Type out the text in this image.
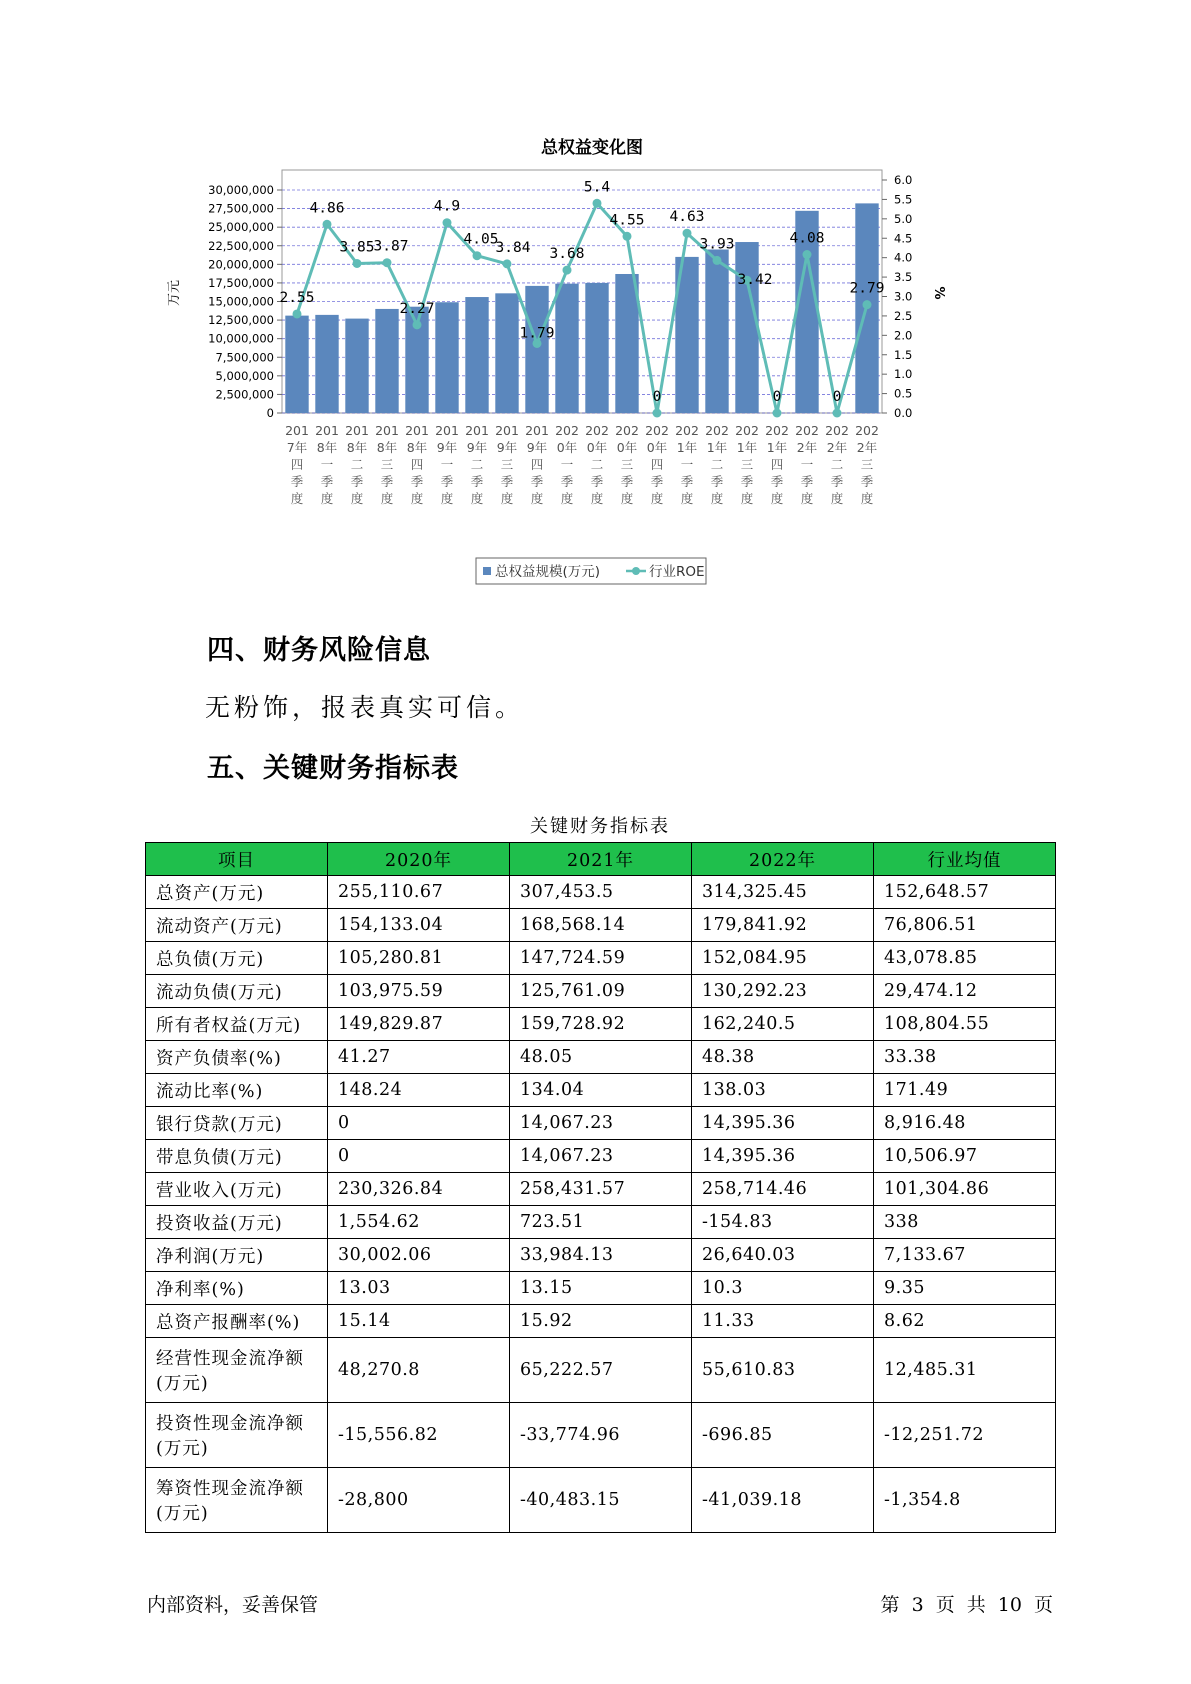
总权益变化图
30,000,000
27,500,000
25,000,000
22,500,000
20,000,000
17,500,000
15,000,000
12,500,000
10,000,000
7,500,000
5,000,000
2,500,000
0
6.0
5.5
5.0
4.5
4.0
3.5
3.0
2.5
2.0
1.5
1.0
0.5
0.0
万元	%
2.55
4.86
3.85 3.87
2.27
4.9
4.05
3.84
1.79
3.68
5.4
4.55
0
4.63
3.93
3.42
0
4.08
0
2.79
201
7年
四
季
度
201
8年
一
季
度
201
8年
二
季
度
201
8年
三
季
度
201
8年
四
季
度
201
9年
一
季
度
201
9年
二
季
度
201
9年
三
季
度
201
9年
四
季
度
202
0年
一
季
度
202
0年
二
季
度
202
0年
三
季
度
202
0年
四
季
度
202
1年
一
季
度
202
1年
二
季
度
202
1年
三
季
度
202
1年
四
季
度
202
2年
一
季
度
202
2年
二
季
度
202
2年
三
季
度
总权益规模(万元)	行业ROE
四、财务风险信息
无粉饰，报表真实可信。
五、关键财务指标表
关键财务指标表
项目	2020年	2021年	2022年	行业均值
总资产(万元)	255,110.67	307,453.5	314,325.45	152,648.57
流动资产(万元)	154,133.04	168,568.14	179,841.92	76,806.51
总负债(万元)	105,280.81	147,724.59	152,084.95	43,078.85
流动负债(万元)	103,975.59	125,761.09	130,292.23	29,474.12
所有者权益(万元)	149,829.87	159,728.92	162,240.5	108,804.55
资产负债率(%)	41.27	48.05	48.38	33.38
流动比率(%)	148.24	134.04	138.03	171.49
银行贷款(万元)	0	14,067.23	14,395.36	8,916.48
带息负债(万元)	0	14,067.23	14,395.36	10,506.97
营业收入(万元)	230,326.84	258,431.57	258,714.46	101,304.86
投资收益(万元)	1,554.62	723.51	-154.83	338
净利润(万元)	30,002.06	33,984.13	26,640.03	7,133.67
净利率(%)	13.03	13.15	10.3	9.35
总资产报酬率(%)	15.14	15.92	11.33	8.62
经营性现金流净额(万元)	48,270.8	65,222.57	55,610.83	12,485.31
投资性现金流净额(万元)	-15,556.82	-33,774.96	-696.85	-12,251.72
筹资性现金流净额(万元)	-28,800	-40,483.15	-41,039.18	-1,354.8
内部资料，妥善保管	第 3 页 共 10 页
